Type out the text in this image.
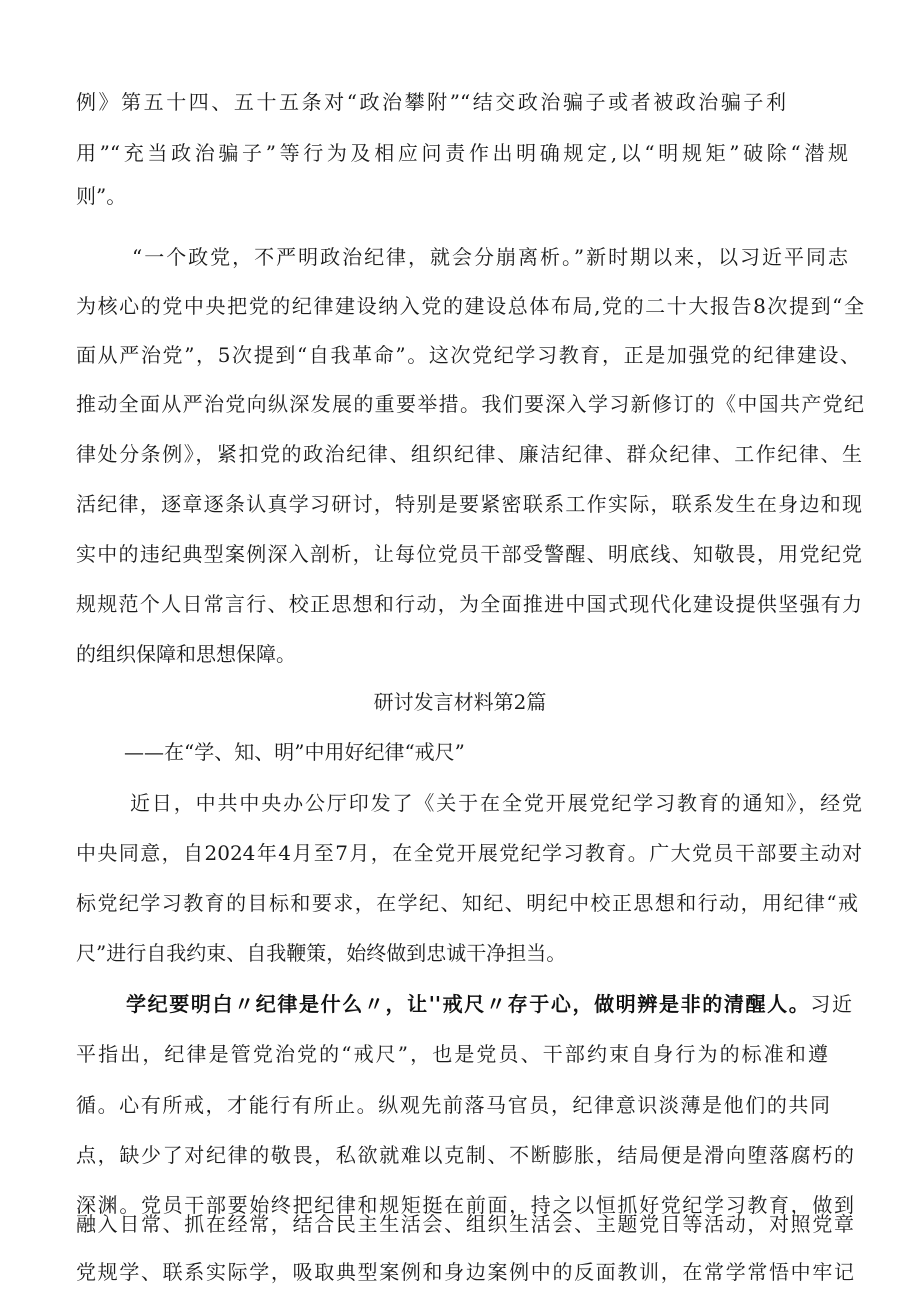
例》第五十四、五十五条对“政治攀附”“结交政治骗子或者被政治骗子利
用”“充当政治骗子”等行为及相应问责作出明确规定,以“明规矩”破除“潜规
则”。
“一个政党，不严明政治纪律，就会分崩离析。”新时期以来，以习近平同志
为核心的党中央把党的纪律建设纳入党的建设总体布局,党的二十大报告8次提到“全
面从严治党”，5次提到“自我革命”。这次党纪学习教育，正是加强党的纪律建设、
推动全面从严治党向纵深发展的重要举措。我们要深入学习新修订的《中国共产党纪
律处分条例》，紧扣党的政治纪律、组织纪律、廉洁纪律、群众纪律、工作纪律、生
活纪律，逐章逐条认真学习研讨，特别是要紧密联系工作实际，联系发生在身边和现
实中的违纪典型案例深入剖析，让每位党员干部受警醒、明底线、知敬畏，用党纪党
规规范个人日常言行、校正思想和行动，为全面推进中国式现代化建设提供坚强有力
的组织保障和思想保障。
研讨发言材料第2篇
——在“学、知、明”中用好纪律“戒尺”
近日，中共中央办公厅印发了《关于在全党开展党纪学习教育的通知》，经党
中央同意，自2024年4月至7月，在全党开展党纪学习教育。广大党员干部要主动对
标党纪学习教育的目标和要求，在学纪、知纪、明纪中校正思想和行动，用纪律“戒
尺”进行自我约束、自我鞭策，始终做到忠诚干净担当。
学纪要明白〃纪律是什么〃，让''戒尺〃存于心，做明辨是非的清醒人。习近
平指出，纪律是管党治党的“戒尺”，也是党员、干部约束自身行为的标准和遵
循。心有所戒，才能行有所止。纵观先前落马官员，纪律意识淡薄是他们的共同
点，缺少了对纪律的敬畏，私欲就难以克制、不断膨胀，结局便是滑向堕落腐朽的
深渊。党员干部要始终把纪律和规矩挺在前面，持之以恒抓好党纪学习教育，做到
融入日常、抓在经常，结合民主生活会、组织生活会、主题党日等活动，对照党章
党规学、联系实际学，吸取典型案例和身边案例中的反面教训，在常学常悟中牢记
